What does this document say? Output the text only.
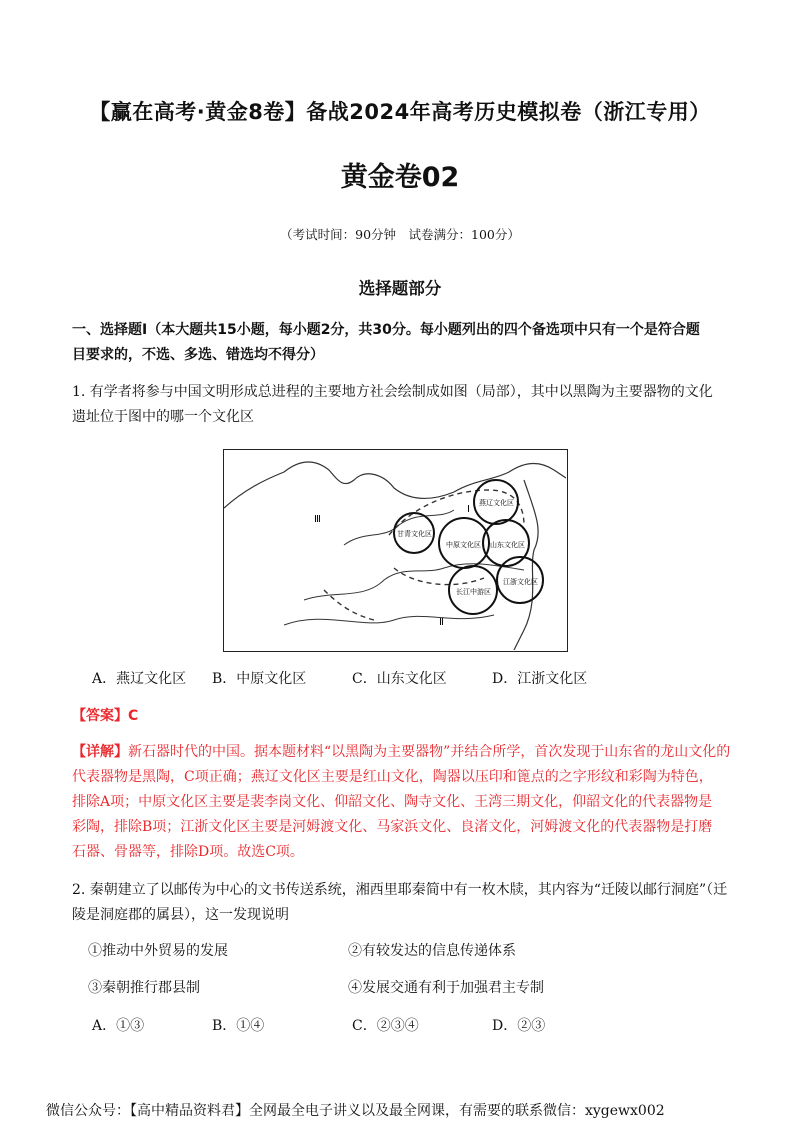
【赢在高考·黄金8卷】备战2024年高考历史模拟卷（浙江专用）
黄金卷02
（考试时间：90分钟　试卷满分：100分）
选择题部分
一、选择题Ⅰ（本大题共15小题，每小题2分，共30分。每小题列出的四个备选项中只有一个是符合题
目要求的，不选、多选、错选均不得分）
1. 有学者将参与中国文明形成总进程的主要地方社会绘制成如图（局部），其中以黑陶为主要器物的文化
遗址位于图中的哪一个文化区
Ⅲ
Ⅰ
Ⅱ
燕辽文化区
甘青文化区
中原文化区 山东文化区
长江中游区
江浙文化区
A．燕辽文化区 B．中原文化区	C．山东文化区	D．江浙文化区
【答案】C
【详解】新石器时代的中国。据本题材料“以黑陶为主要器物”并结合所学，首次发现于山东省的龙山文化的
代表器物是黑陶，C项正确；燕辽文化区主要是红山文化，陶器以压印和篦点的之字形纹和彩陶为特色，
排除A项；中原文化区主要是裴李岗文化、仰韶文化、陶寺文化、王湾三期文化，仰韶文化的代表器物是
彩陶，排除B项；江浙文化区主要是河姆渡文化、马家浜文化、良渚文化，河姆渡文化的代表器物是打磨
石器、骨器等，排除D项。故选C项。
2. 秦朝建立了以邮传为中心的文书传送系统，湘西里耶秦简中有一枚木牍，其内容为“迁陵以邮行洞庭”（迁
陵是洞庭郡的属县），这一发现说明
①推动中外贸易的发展	②有较发达的信息传递体系
③秦朝推行郡县制	④发展交通有利于加强君主专制
A．①③	B．①④	C．②③④	D．②③
微信公众号：【高中精品资料君】全网最全电子讲义以及最全网课，有需要的联系微信：xygewx002
